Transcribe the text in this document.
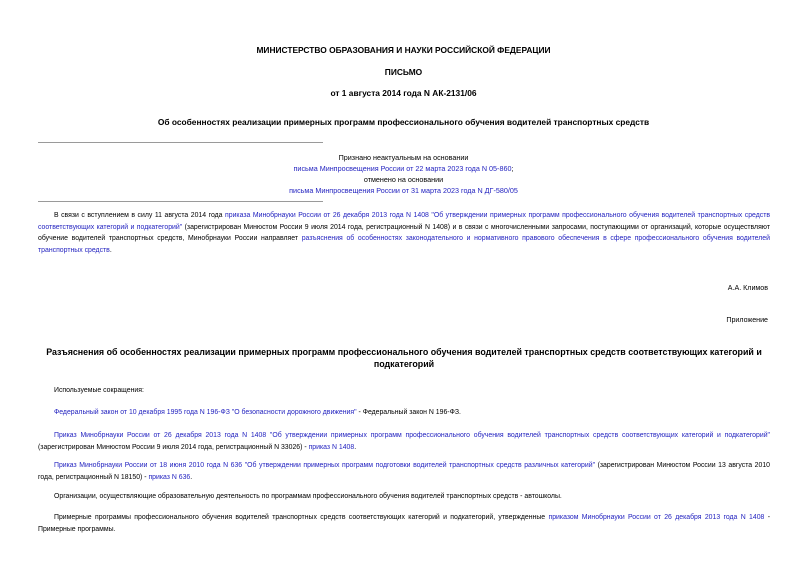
МИНИСТЕРСТВО ОБРАЗОВАНИЯ И НАУКИ РОССИЙСКОЙ ФЕДЕРАЦИИ
ПИСЬМО
от 1 августа 2014 года N АК-2131/06
Об особенностях реализации примерных программ профессионального обучения водителей транспортных средств
Признано неактуальным на основании
письма Минпросвещения России от 22 марта 2023 года N 05-860;
отменено на основании
письма Минпросвещения России от 31 марта 2023 года N ДГ-580/05
В связи с вступлением в силу 11 августа 2014 года приказа Минобрнауки России от 26 декабря 2013 года N 1408 "Об утверждении примерных программ профессионального обучения водителей транспортных средств соответствующих категорий и подкатегорий" (зарегистрирован Минюстом России 9 июля 2014 года, регистрационный N 1408) и в связи с многочисленными запросами, поступающими от организаций, которые осуществляют обучение водителей транспортных средств, Минобрнауки России направляет разъяснения об особенностях законодательного и нормативного правового обеспечения в сфере профессионального обучения водителей транспортных средств.
А.А. Климов
Приложение
Разъяснения об особенностях реализации примерных программ профессионального обучения водителей транспортных средств соответствующих категорий и подкатегорий
Используемые сокращения:
Федеральный закон от 10 декабря 1995 года N 196-ФЗ "О безопасности дорожного движения" - Федеральный закон N 196-ФЗ.
Приказ Минобрнауки России от 26 декабря 2013 года N 1408 "Об утверждении примерных программ профессионального обучения водителей транспортных средств соответствующих категорий и подкатегорий" (зарегистрирован Минюстом России 9 июля 2014 года, регистрационный N 33026) - приказ N 1408.
Приказ Минобрнауки России от 18 июня 2010 года N 636 "Об утверждении примерных программ подготовки водителей транспортных средств различных категорий" (зарегистрирован Минюстом России 13 августа 2010 года, регистрационный N 18150) - приказ N 636.
Организации, осуществляющие образовательную деятельность по программам профессионального обучения водителей транспортных средств - автошколы.
Примерные программы профессионального обучения водителей транспортных средств соответствующих категорий и подкатегорий, утвержденные приказом Минобрнауки России от 26 декабря 2013 года N 1408 - Примерные программы.
